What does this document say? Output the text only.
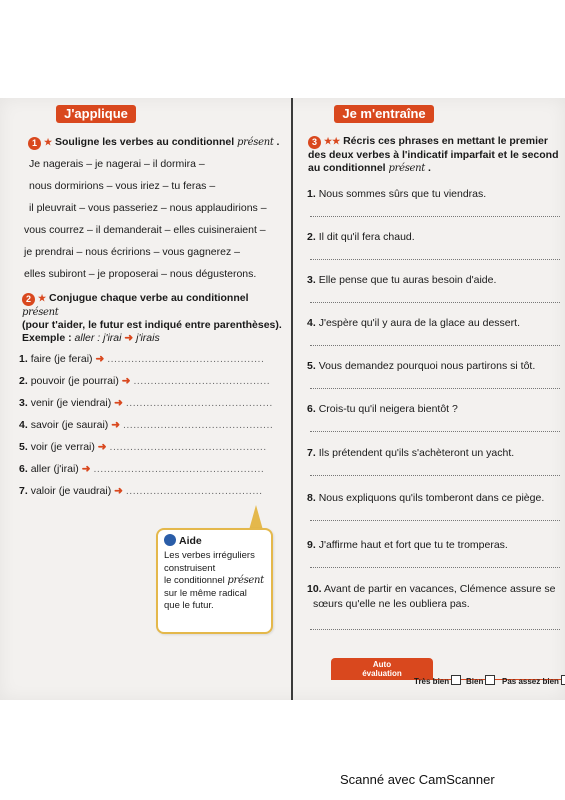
J'applique
1 ★ Souligne les verbes au conditionnel présent .
Je nagerais – je nagerai – il dormira –
nous dormirions – vous iriez – tu feras –
il pleuvrait – vous passeriez – nous applaudirions –
vous courrez – il demanderait – elles cuisineraient –
je prendrai – nous écririons – vous gagnerez –
elles subiront – je proposerai – nous dégusterons.
2 ★ Conjugue chaque verbe au conditionnel présent
(pour t'aider, le futur est indiqué entre parenthèses).
Exemple : aller : j'irai ➜ j'irais
1. faire (je ferai) ➜ ..............................................
2. pouvoir (je pourrai) ➜ ........................................
3. venir (je viendrai) ➜ ...........................................
4. savoir (je saurai) ➜ ............................................
5. voir (je verrai) ➜ ..............................................
6. aller (j'irai) ➜ ..................................................
7. valoir (je vaudrai) ➜ ........................................
Aide
Les verbes irréguliers
construisent
le conditionnel présent
sur le même radical
que le futur.
Je m'entraîne
3 ★★ Récris ces phrases en mettant le premier
des deux verbes à l'indicatif imparfait et le second
au conditionnel présent .
1. Nous sommes sûrs que tu viendras.
2. Il dit qu'il fera chaud.
3. Elle pense que tu auras besoin d'aide.
4. J'espère qu'il y aura de la glace au dessert.
5. Vous demandez pourquoi nous partirons si tôt.
6. Crois-tu qu'il neigera bientôt ?
7. Ils prétendent qu'ils s'achèteront un yacht.
8. Nous expliquons qu'ils tomberont dans ce piège.
9. J'affirme haut et fort que tu te tromperas.
10. Avant de partir en vacances, Clémence assure se
sœurs qu'elle ne les oubliera pas.
Auto
évaluation
Très bien	Bien	Pas assez bien
Scanné avec CamScanner
